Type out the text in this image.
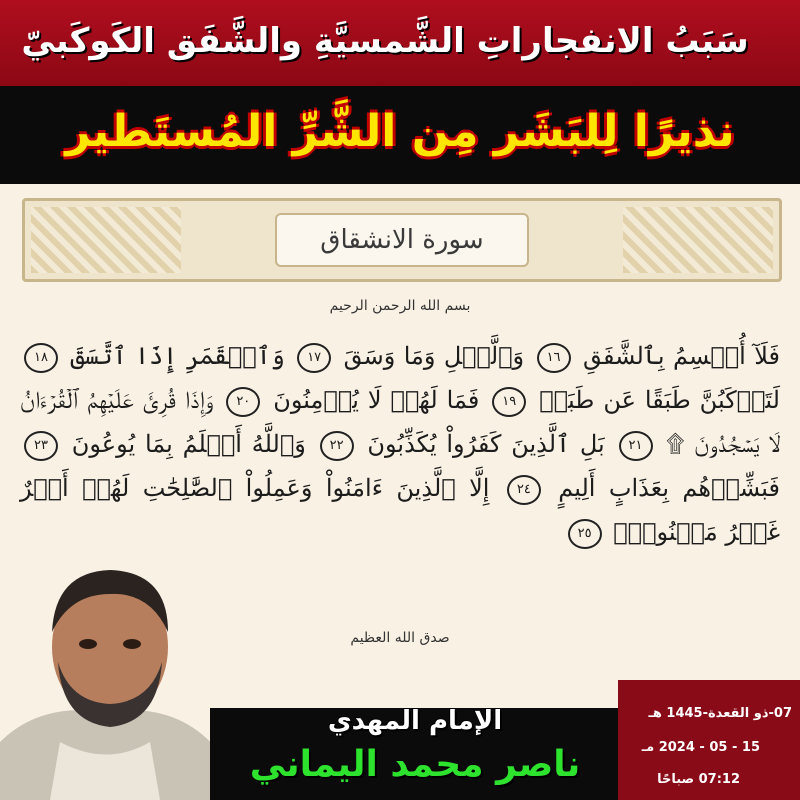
سَبَبُ الانفجاراتِ الشَّمسيَّةِ والشَّفَق الكَوكَبيّ
نذيرًا لِلبَشَر مِن الشَّرِّ المُستَطير
سورة الانشقاق
بسم الله الرحمن الرحيم
فَلَآ أُقۡسِمُ بِٱلشَّفَقِ ١٦ وَٱلَّيۡلِ وَمَا وَسَقَ ١٧ وَٱلۡقَمَرِ إِذَا ٱتَّسَقَ ١٨ لَتَرۡكَبُنَّ طَبَقًا عَن طَبَقٖ ١٩ فَمَا لَهُمۡ لَا يُؤۡمِنُونَ ٢٠ وَإِذَا قُرِئَ عَلَيۡهِمُ ٱلۡقُرۡءَانُ لَا يَسۡجُدُونَ ۩ ٢١ بَلِ ٱلَّذِينَ كَفَرُواْ يُكَذِّبُونَ ٢٢ وَٱللَّهُ أَعۡلَمُ بِمَا يُوعُونَ ٢٣ فَبَشِّرۡهُم بِعَذَابٍ أَلِيمٍ ٢٤ إِلَّا ٱلَّذِينَ ءَامَنُواْ وَعَمِلُواْ ٱلصَّٰلِحَٰتِ لَهُمۡ أَجۡرٌ غَيۡرُ مَمۡنُونِۭ ٢٥
صدق الله العظيم
الإمام المهدي
ناصر محمد اليماني
07-ذو القعدة-1445 هـ
15 - 05 - 2024 مـ
07:12 صباحًا
